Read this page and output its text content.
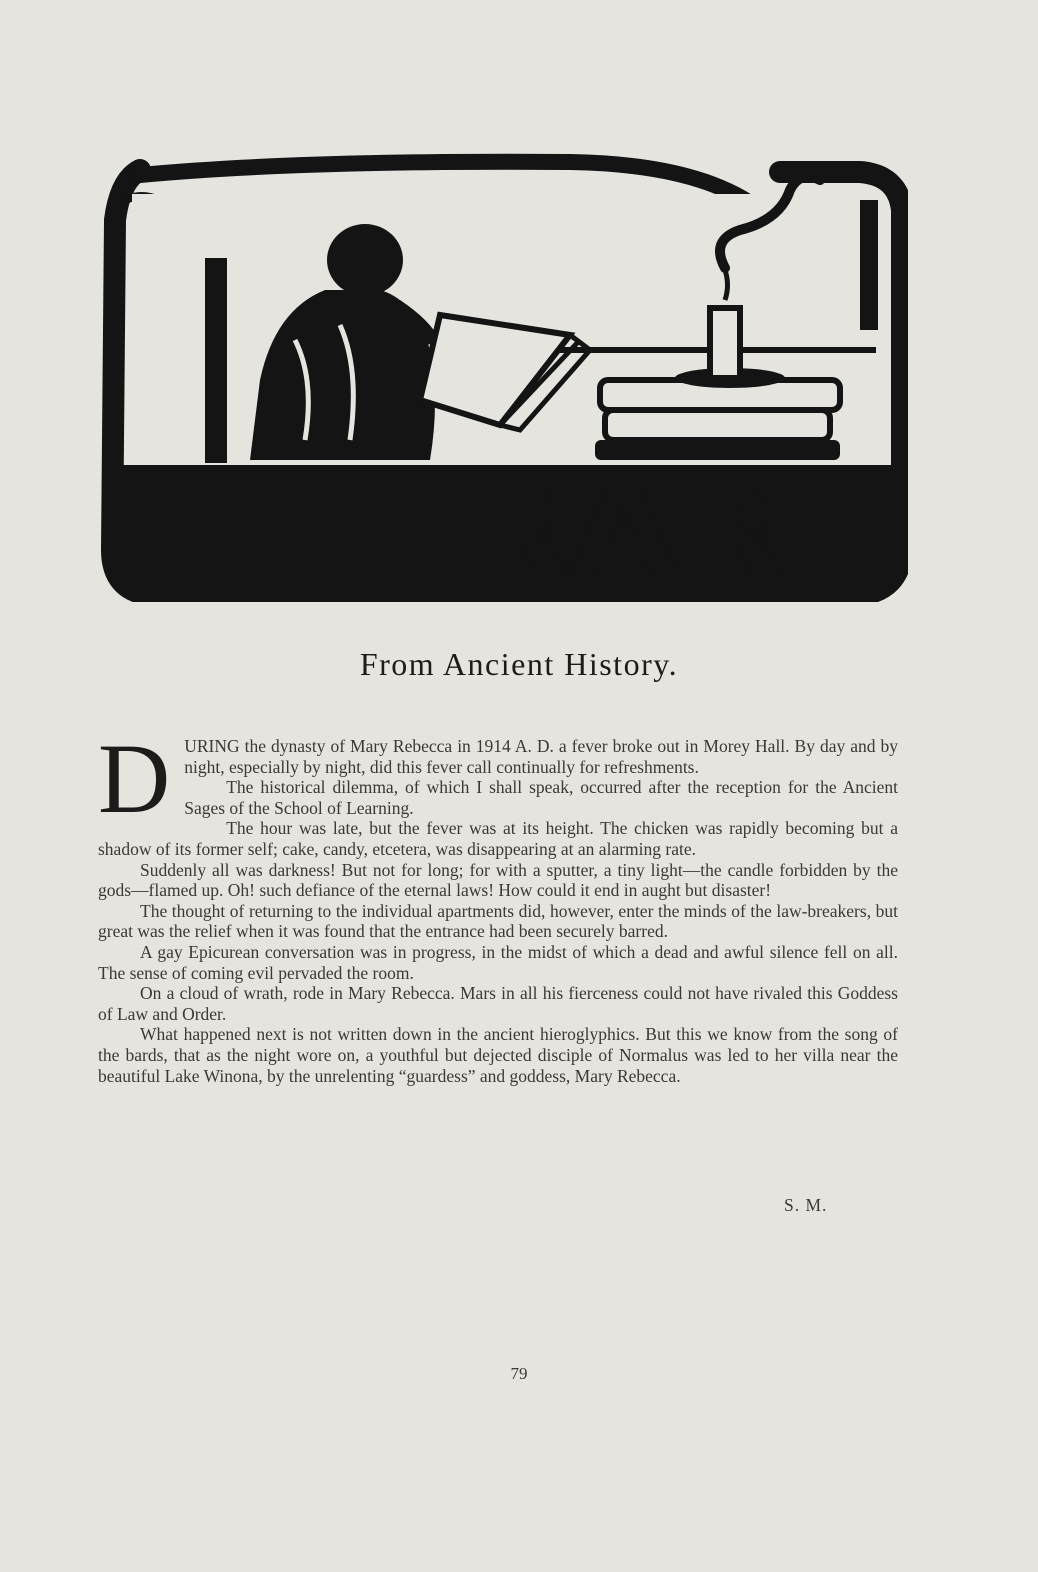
LITERARY
From Ancient History.

DURING the dynasty of Mary Rebecca in 1914 A. D. a fever broke out in Morey Hall. By day and by night, especially by night, did this fever call continually for refreshments.

The historical dilemma, of which I shall speak, occurred after the reception for the Ancient Sages of the School of Learning.

The hour was late, but the fever was at its height. The chicken was rapidly becoming but a shadow of its former self; cake, candy, etcetera, was disappearing at an alarming rate.

Suddenly all was darkness! But not for long; for with a sputter, a tiny light—the candle forbidden by the gods—flamed up. Oh! such defiance of the eternal laws! How could it end in aught but disaster!

The thought of returning to the individual apartments did, however, enter the minds of the law-breakers, but great was the relief when it was found that the entrance had been securely barred.

A gay Epicurean conversation was in progress, in the midst of which a dead and awful silence fell on all. The sense of coming evil pervaded the room.

On a cloud of wrath, rode in Mary Rebecca. Mars in all his fierceness could not have rivaled this Goddess of Law and Order.

What happened next is not written down in the ancient hieroglyphics. But this we know from the song of the bards, that as the night wore on, a youthful but dejected disciple of Normalus was led to her villa near the beautiful Lake Winona, by the unrelenting “guardess” and goddess, Mary Rebecca.

S. M.
79
